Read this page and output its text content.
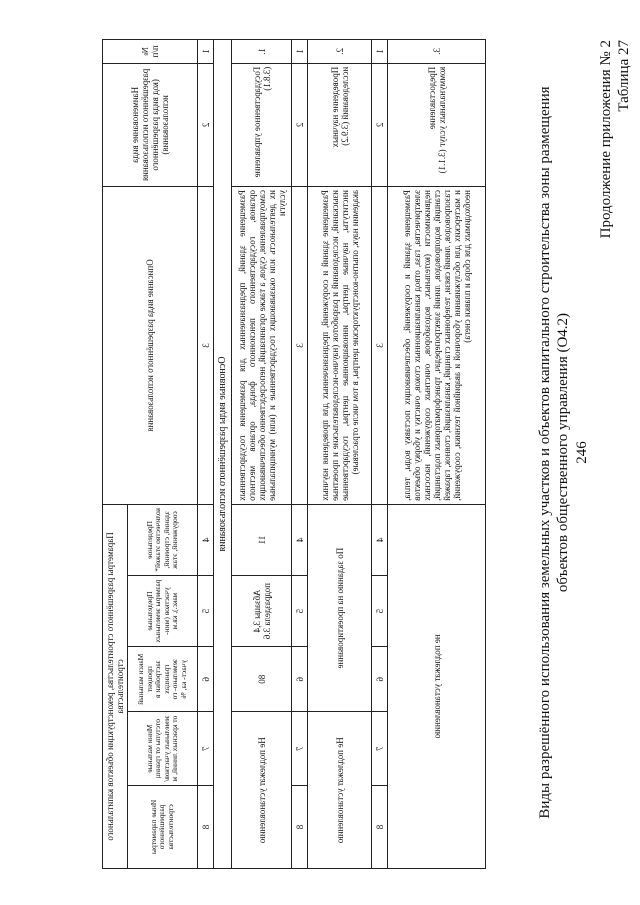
246
Продолжение приложения № 2 Таблица 27
Виды разрешённого использования земельных участков и объектов капитального строительства зоны размещения объектов общественного управления (О4.2)
№ п/п	Наименование вида разрешённого использования (код вида разрешённого использования)	Описание вида разрешённого использования	Параметры разрешённого строительства, реконструкции объектов капитального строительства				
			Предельное количество этажей* зданий, строений, сооружений, этаж	Предельные размеры земельных участков (мин-макс.), кв.м	Макси мальный процент застройки в границах земельно- го участ- ка, %	Мини мальные отступы от границ земельных участков/ от красных линий, м	Иные параметры разрешённого строительства
1	2	3	4	5	6	7	8
Основные виды разрешённого использования							
1.	Государственное управление (3.8.1)	Размещение зданий, предназначенных для размещения государственных органов, государственного пенсионного фонда, органов местного самоуправления, судов, а также организаций, непосредственно обеспечивающих их деятельность или оказывающих государственные и (или) муниципальные услуги	11	Абзацы 3,4 подраздела 3.6	80	Не подлежат установлению	
1	2	3	4	5	6	7	8
2.	Проведение научных исследований (3.9.2)	Размещение зданий и сооружений, предназначенных для проведения научных изысканий, исследований и разработок (научно-исследовательские и проектные институты, научные центры, инновационные центры, государственные академии наук, опытно-конструкторские центры, в том числе отраслевые)	По заданию на проектирование			Не подлежат установлению	
1	2	3	4	5	6	7	8
3.	Предоставление коммунальных услуг (3.1.1)	Размещение зданий и сооружений, обеспечивающих поставку воды, тепла, электричества, газа, отвод канализационных стоков, очистку и уборку объектов недвижимости (котельных, водозаборов, очистных сооружений, насосных станций, водопроводов, линий электропередач, трансформаторных подстанций, газопроводов, линий связи, телефонных станций, канализаций, стоянок, гаражей и мастерских для обслуживания уборочной и аварийной техники, сооружений, необходимых для сбора и плавки снега)	не подлежат установлению				
